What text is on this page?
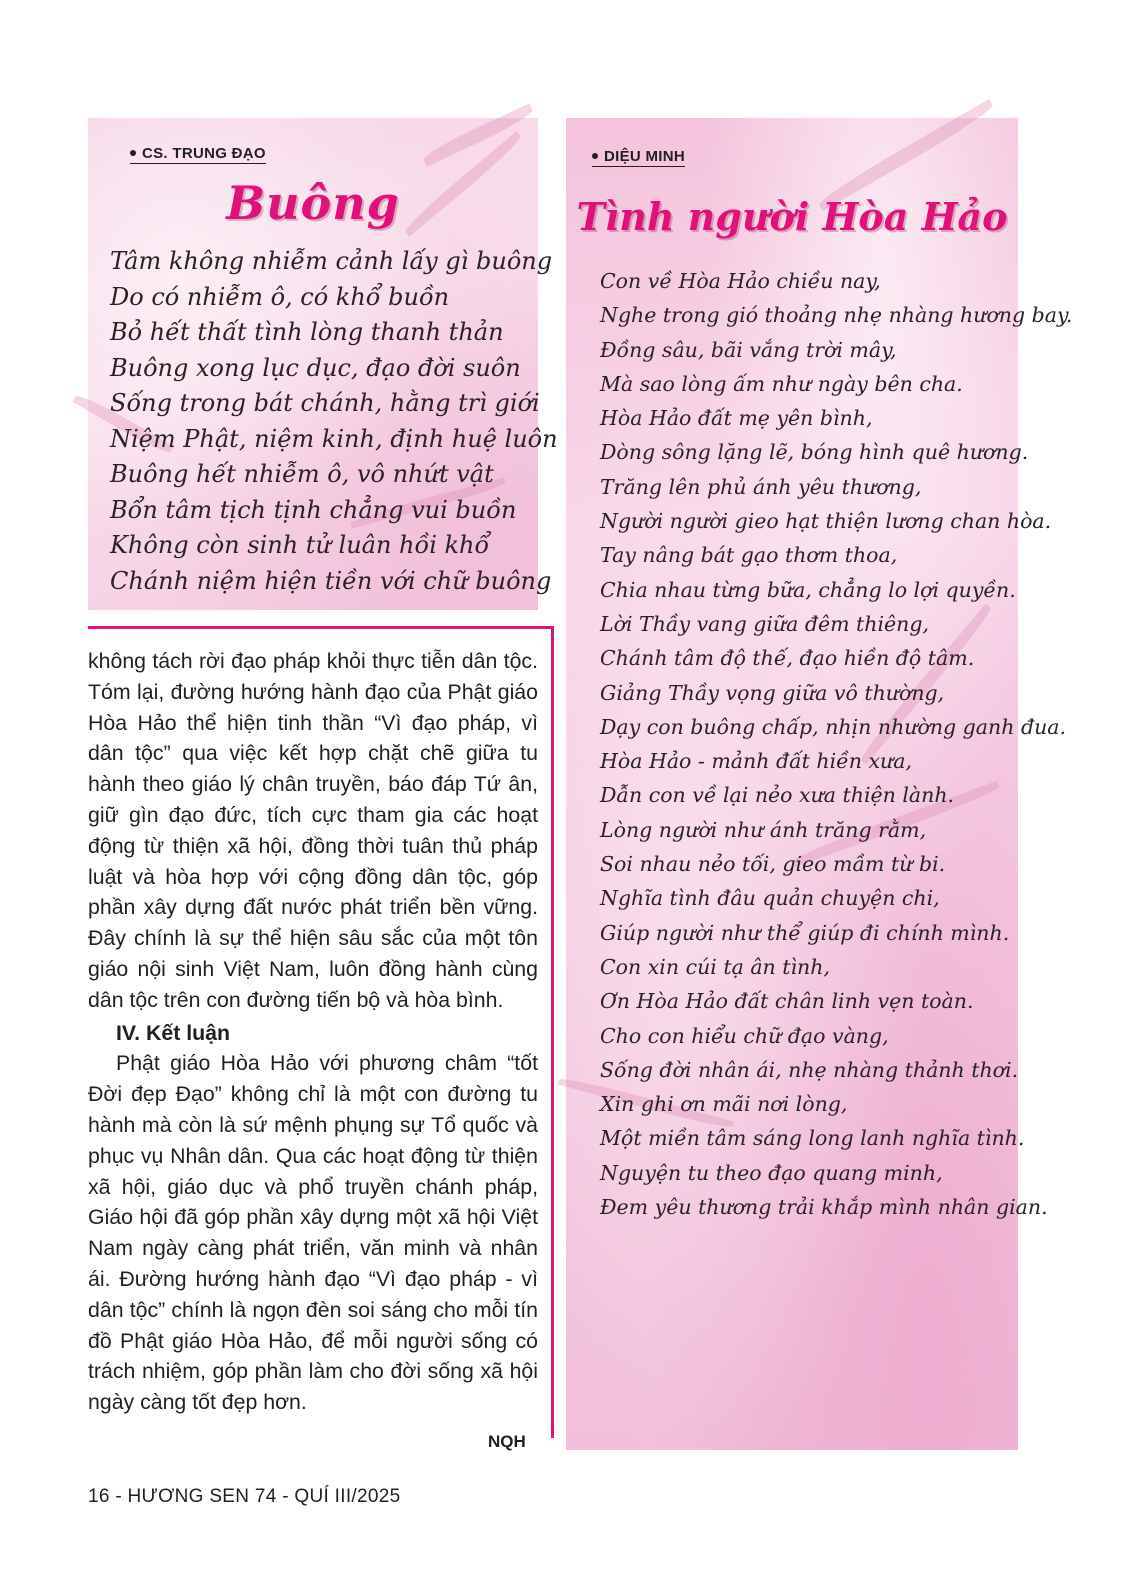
CS. TRUNG ĐẠO
Buông
Tâm không nhiễm cảnh lấy gì buông
Do có nhiễm ô, có khổ buồn
Bỏ hết thất tình lòng thanh thản
Buông xong lục dục, đạo đời suôn
Sống trong bát chánh, hằng trì giới
Niệm Phật, niệm kinh, định huệ luôn
Buông hết nhiễm ô, vô nhứt vật
Bổn tâm tịch tịnh chẳng vui buồn
Không còn sinh tử luân hồi khổ
Chánh niệm hiện tiền với chữ buông
DIỆU MINH
Tình người Hòa Hảo
Con về Hòa Hảo chiều nay,
Nghe trong gió thoảng nhẹ nhàng hương bay.
Đồng sâu, bãi vắng trời mây,
Mà sao lòng ấm như ngày bên cha.
Hòa Hảo đất mẹ yên bình,
Dòng sông lặng lẽ, bóng hình quê hương.
Trăng lên phủ ánh yêu thương,
Người người gieo hạt thiện lương chan hòa.
Tay nâng bát gạo thơm thoa,
Chia nhau từng bữa, chẳng lo lợi quyền.
Lời Thầy vang giữa đêm thiêng,
Chánh tâm độ thế, đạo hiền độ tâm.
Giảng Thầy vọng giữa vô thường,
Dạy con buông chấp, nhịn nhường ganh đua.
Hòa Hảo - mảnh đất hiền xưa,
Dẫn con về lại nẻo xưa thiện lành.
Lòng người như ánh trăng rằm,
Soi nhau nẻo tối, gieo mầm từ bi.
Nghĩa tình đâu quản chuyện chi,
Giúp người như thể giúp đi chính mình.
Con xin cúi tạ ân tình,
Ơn Hòa Hảo đất chân linh vẹn toàn.
Cho con hiểu chữ đạo vàng,
Sống đời nhân ái, nhẹ nhàng thảnh thơi.
Xin ghi ơn mãi nơi lòng,
Một miền tâm sáng long lanh nghĩa tình.
Nguyện tu theo đạo quang minh,
Đem yêu thương trải khắp mình nhân gian.

không tách rời đạo pháp khỏi thực tiễn dân tộc. Tóm lại, đường hướng hành đạo của Phật giáo Hòa Hảo thể hiện tinh thần “Vì đạo pháp, vì dân tộc” qua việc kết hợp chặt chẽ giữa tu hành theo giáo lý chân truyền, báo đáp Tứ ân, giữ gìn đạo đức, tích cực tham gia các hoạt động từ thiện xã hội, đồng thời tuân thủ pháp luật và hòa hợp với cộng đồng dân tộc, góp phần xây dựng đất nước phát triển bền vững. Đây chính là sự thể hiện sâu sắc của một tôn giáo nội sinh Việt Nam, luôn đồng hành cùng dân tộc trên con đường tiến bộ và hòa bình.

IV. Kết luận

Phật giáo Hòa Hảo với phương châm “tốt Đời đẹp Đạo” không chỉ là một con đường tu hành mà còn là sứ mệnh phụng sự Tổ quốc và phục vụ Nhân dân. Qua các hoạt động từ thiện xã hội, giáo dục và phổ truyền chánh pháp, Giáo hội đã góp phần xây dựng một xã hội Việt Nam ngày càng phát triển, văn minh và nhân ái. Đường hướng hành đạo “Vì đạo pháp - vì dân tộc” chính là ngọn đèn soi sáng cho mỗi tín đồ Phật giáo Hòa Hảo, để mỗi người sống có trách nhiệm, góp phần làm cho đời sống xã hội ngày càng tốt đẹp hơn.

NQH
16 - HƯƠNG SEN 74 - QUÍ III/2025
